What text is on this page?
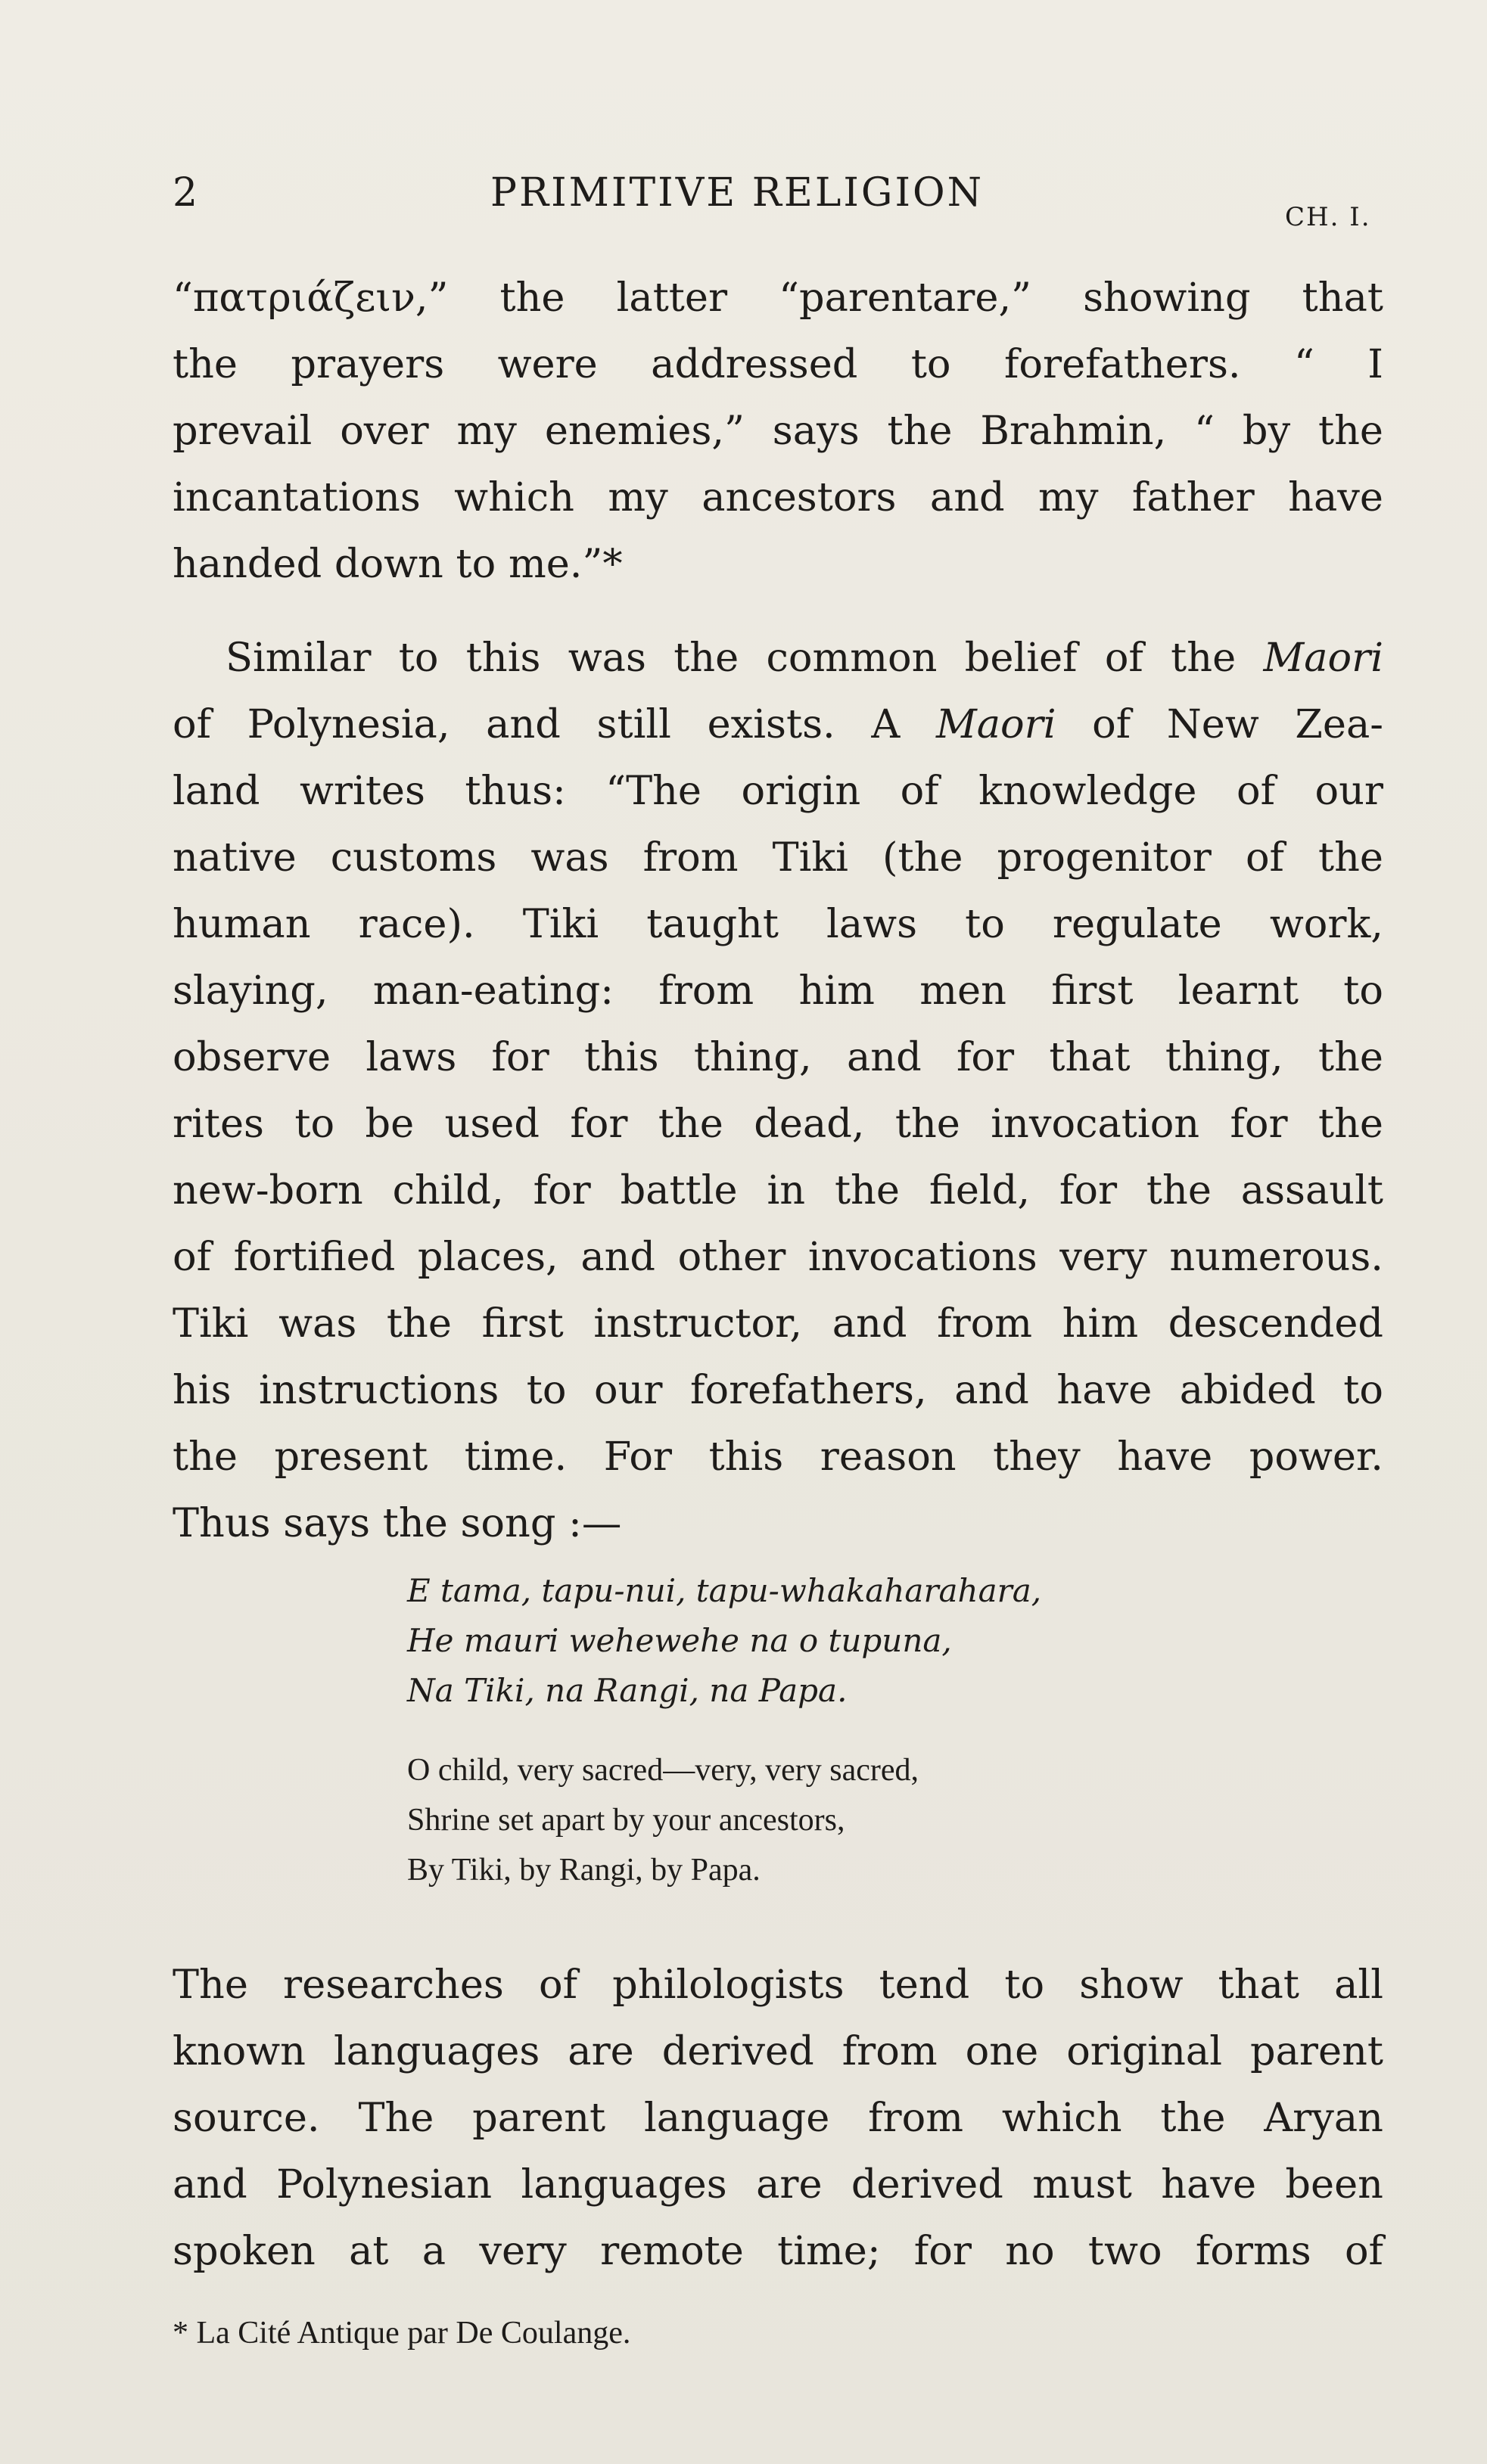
2	PRIMITIVE RELIGION
CH. I.

“πατριάζειν,” the latter “parentare,” showing that
the prayers were addressed to forefathers. “ I
prevail over my enemies,” says the Brahmin, “ by the
incantations which my ancestors and my father have
handed down to me.”*

Similar to this was the common belief of the Maori
of Polynesia, and still exists. A Maori of New Zea-
land writes thus: “The origin of knowledge of our
native customs was from Tiki (the progenitor of the
human race). Tiki taught laws to regulate work,
slaying, man-eating: from him men first learnt to
observe laws for this thing, and for that thing, the
rites to be used for the dead, the invocation for the
new-born child, for battle in the field, for the assault
of fortified places, and other invocations very numerous.
Tiki was the first instructor, and from him descended
his instructions to our forefathers, and have abided to
the present time. For this reason they have power.
Thus says the song :—

E tama, tapu-nui, tapu-whakaharahara,
He mauri wehewehe na o tupuna,
Na Tiki, na Rangi, na Papa.
O child, very sacred—very, very sacred,
Shrine set apart by your ancestors,
By Tiki, by Rangi, by Papa.
The researches of philologists tend to show that all
known languages are derived from one original parent
source. The parent language from which the Aryan
and Polynesian languages are derived must have been
spoken at a very remote time; for no two forms of
* La Cité Antique par De Coulange.
